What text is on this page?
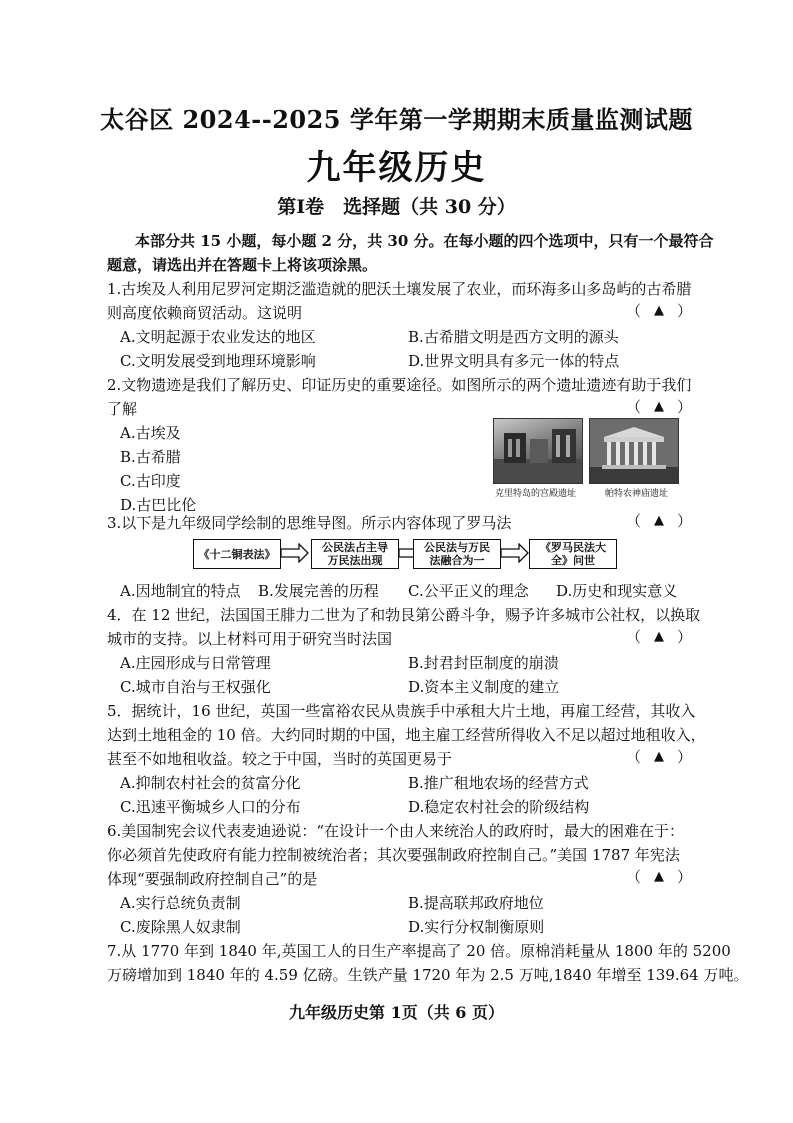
太谷区 2024--2025 学年第一学期期末质量监测试题
九年级历史
第Ⅰ卷　选择题（共 30 分）
本部分共 15 小题，每小题 2 分，共 30 分。在每小题的四个选项中，只有一个最符合
题意，请选出并在答题卡上将该项涂黑。
1.古埃及人利用尼罗河定期泛滥造就的肥沃土壤发展了农业，而环海多山多岛屿的古希腊
则高度依赖商贸活动。这说明	（ ▲ ）
A.文明起源于农业发达的地区	B.古希腊文明是西方文明的源头
C.文明发展受到地理环境影响	D.世界文明具有多元一体的特点
2.文物遗迹是我们了解历史、印证历史的重要途径。如图所示的两个遗址遗迹有助于我们
了解	（ ▲ ）
A.古埃及
B.古希腊
C.古印度
D.古巴比伦
克里特岛的宫殿遗址	帕特农神庙遗址
3.以下是九年级同学绘制的思维导图。所示内容体现了罗马法	（ ▲ ）
《十二铜表法》	公民法占主导
万民法出现
公民法与万民
法融合为一
《罗马民法大
全》问世
A.因地制宜的特点 B.发展完善的历程 C.公平正义的理念 D.历史和现实意义
4．在 12 世纪，法国国王腓力二世为了和勃艮第公爵斗争，赐予许多城市公社权，以换取
城市的支持。以上材料可用于研究当时法国	（ ▲ ）
A.庄园形成与日常管理	B.封君封臣制度的崩溃
C.城市自治与王权强化	D.资本主义制度的建立
5．据统计，16 世纪，英国一些富裕农民从贵族手中承租大片土地，再雇工经营，其收入
达到土地租金的 10 倍。大约同时期的中国，地主雇工经营所得收入不足以超过地租收入，
甚至不如地租收益。较之于中国，当时的英国更易于	（ ▲ ）
A.抑制农村社会的贫富分化	B.推广租地农场的经营方式
C.迅速平衡城乡人口的分布	D.稳定农村社会的阶级结构
6.美国制宪会议代表麦迪逊说：“在设计一个由人来统治人的政府时，最大的困难在于：
你必须首先使政府有能力控制被统治者；其次要强制政府控制自己。”美国 1787 年宪法
体现“要强制政府控制自己”的是	（ ▲ ）
A.实行总统负责制	B.提高联邦政府地位
C.废除黑人奴隶制	D.实行分权制衡原则
7.从 1770 年到 1840 年,英国工人的日生产率提高了 20 倍。原棉消耗量从 1800 年的 5200
万磅增加到 1840 年的 4.59 亿磅。生铁产量 1720 年为 2.5 万吨,1840 年增至 139.64 万吨。
九年级历史第 1页（共 6 页）
